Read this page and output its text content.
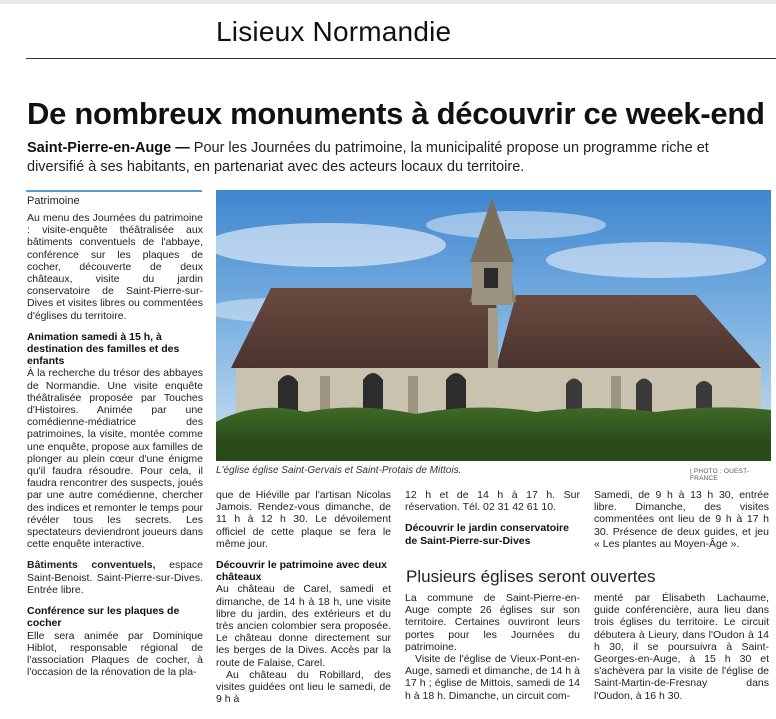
Lisieux Normandie
De nombreux monuments à découvrir ce week-end
Saint-Pierre-en-Auge — Pour les Journées du patrimoine, la municipalité propose un programme riche et diversifié à ses habitants, en partenariat avec des acteurs locaux du territoire.
Patrimoine
L'église église Saint-Gervais et Saint-Protais de Mittois.	| PHOTO : OUEST-FRANCE

Au menu des Journées du patrimoine : visite-enquête théâtralisée aux bâtiments conventuels de l'abbaye, conférence sur les plaques de cocher, découverte de deux châteaux, visite du jardin conservatoire de Saint-Pierre-sur-Dives et visites libres ou commentées d'églises du territoire.

Animation samedi à 15 h, à destination des familles et des enfants

À la recherche du trésor des abbayes de Normandie. Une visite enquête théâtralisée proposée par Touches d'Histoires. Animée par une comédienne-médiatrice des patrimoines, la visite, montée comme une enquête, propose aux familles de plonger au plein cœur d'une énigme qu'il faudra résoudre. Pour cela, il faudra rencontrer des suspects, joués par une autre comédienne, chercher des indices et remonter le temps pour révéler tous les secrets. Les spectateurs deviendront joueurs dans cette enquête interactive.

Bâtiments conventuels, espace Saint-Benoist. Saint-Pierre-sur-Dives. Entrée libre.

Conférence sur les plaques de cocher

Elle sera animée par Dominique Hiblot, responsable régional de l'association Plaques de cocher, à l'occasion de la rénovation de la pla-

que de Hiéville par l'artisan Nicolas Jamois. Rendez-vous dimanche, de 11 h à 12 h 30. Le dévoilement officiel de cette plaque se fera le même jour.

Découvrir le patrimoine avec deux châteaux

Au château de Carel, samedi et dimanche, de 14 h à 18 h, une visite libre du jardin, des extérieurs et du très ancien colombier sera proposée. Le château donne directement sur les berges de la Dives. Accès par la route de Falaise, Carel.

Au château du Robillard, des visites guidées ont lieu le samedi, de 9 h à

12 h et de 14 h à 17 h. Sur réservation. Tél. 02 31 42 61 10.

Découvrir le jardin conservatoire de Saint-Pierre-sur-Dives
Plusieurs églises seront ouvertes

La commune de Saint-Pierre-en-Auge compte 26 églises sur son territoire. Certaines ouvriront leurs portes pour les Journées du patrimoine.

Visite de l'église de Vieux-Pont-en-Auge, samedi et dimanche, de 14 h à 17 h ; église de Mittois, samedi de 14 h à 18 h. Dimanche, un circuit com-

Samedi, de 9 h à 13 h 30, entrée libre. Dimanche, des visites commentées ont lieu de 9 h à 17 h 30. Présence de deux guides, et jeu « Les plantes au Moyen-Âge ».

menté par Élisabeth Lachaume, guide conférencière, aura lieu dans trois églises du territoire. Le circuit débutera à Lieury, dans l'Oudon à 14 h 30, il se poursuivra à Saint-Georges-en-Auge, à 15 h 30 et s'achèvera par la visite de l'église de Saint-Martin-de-Fresnay dans l'Oudon, à 16 h 30.
